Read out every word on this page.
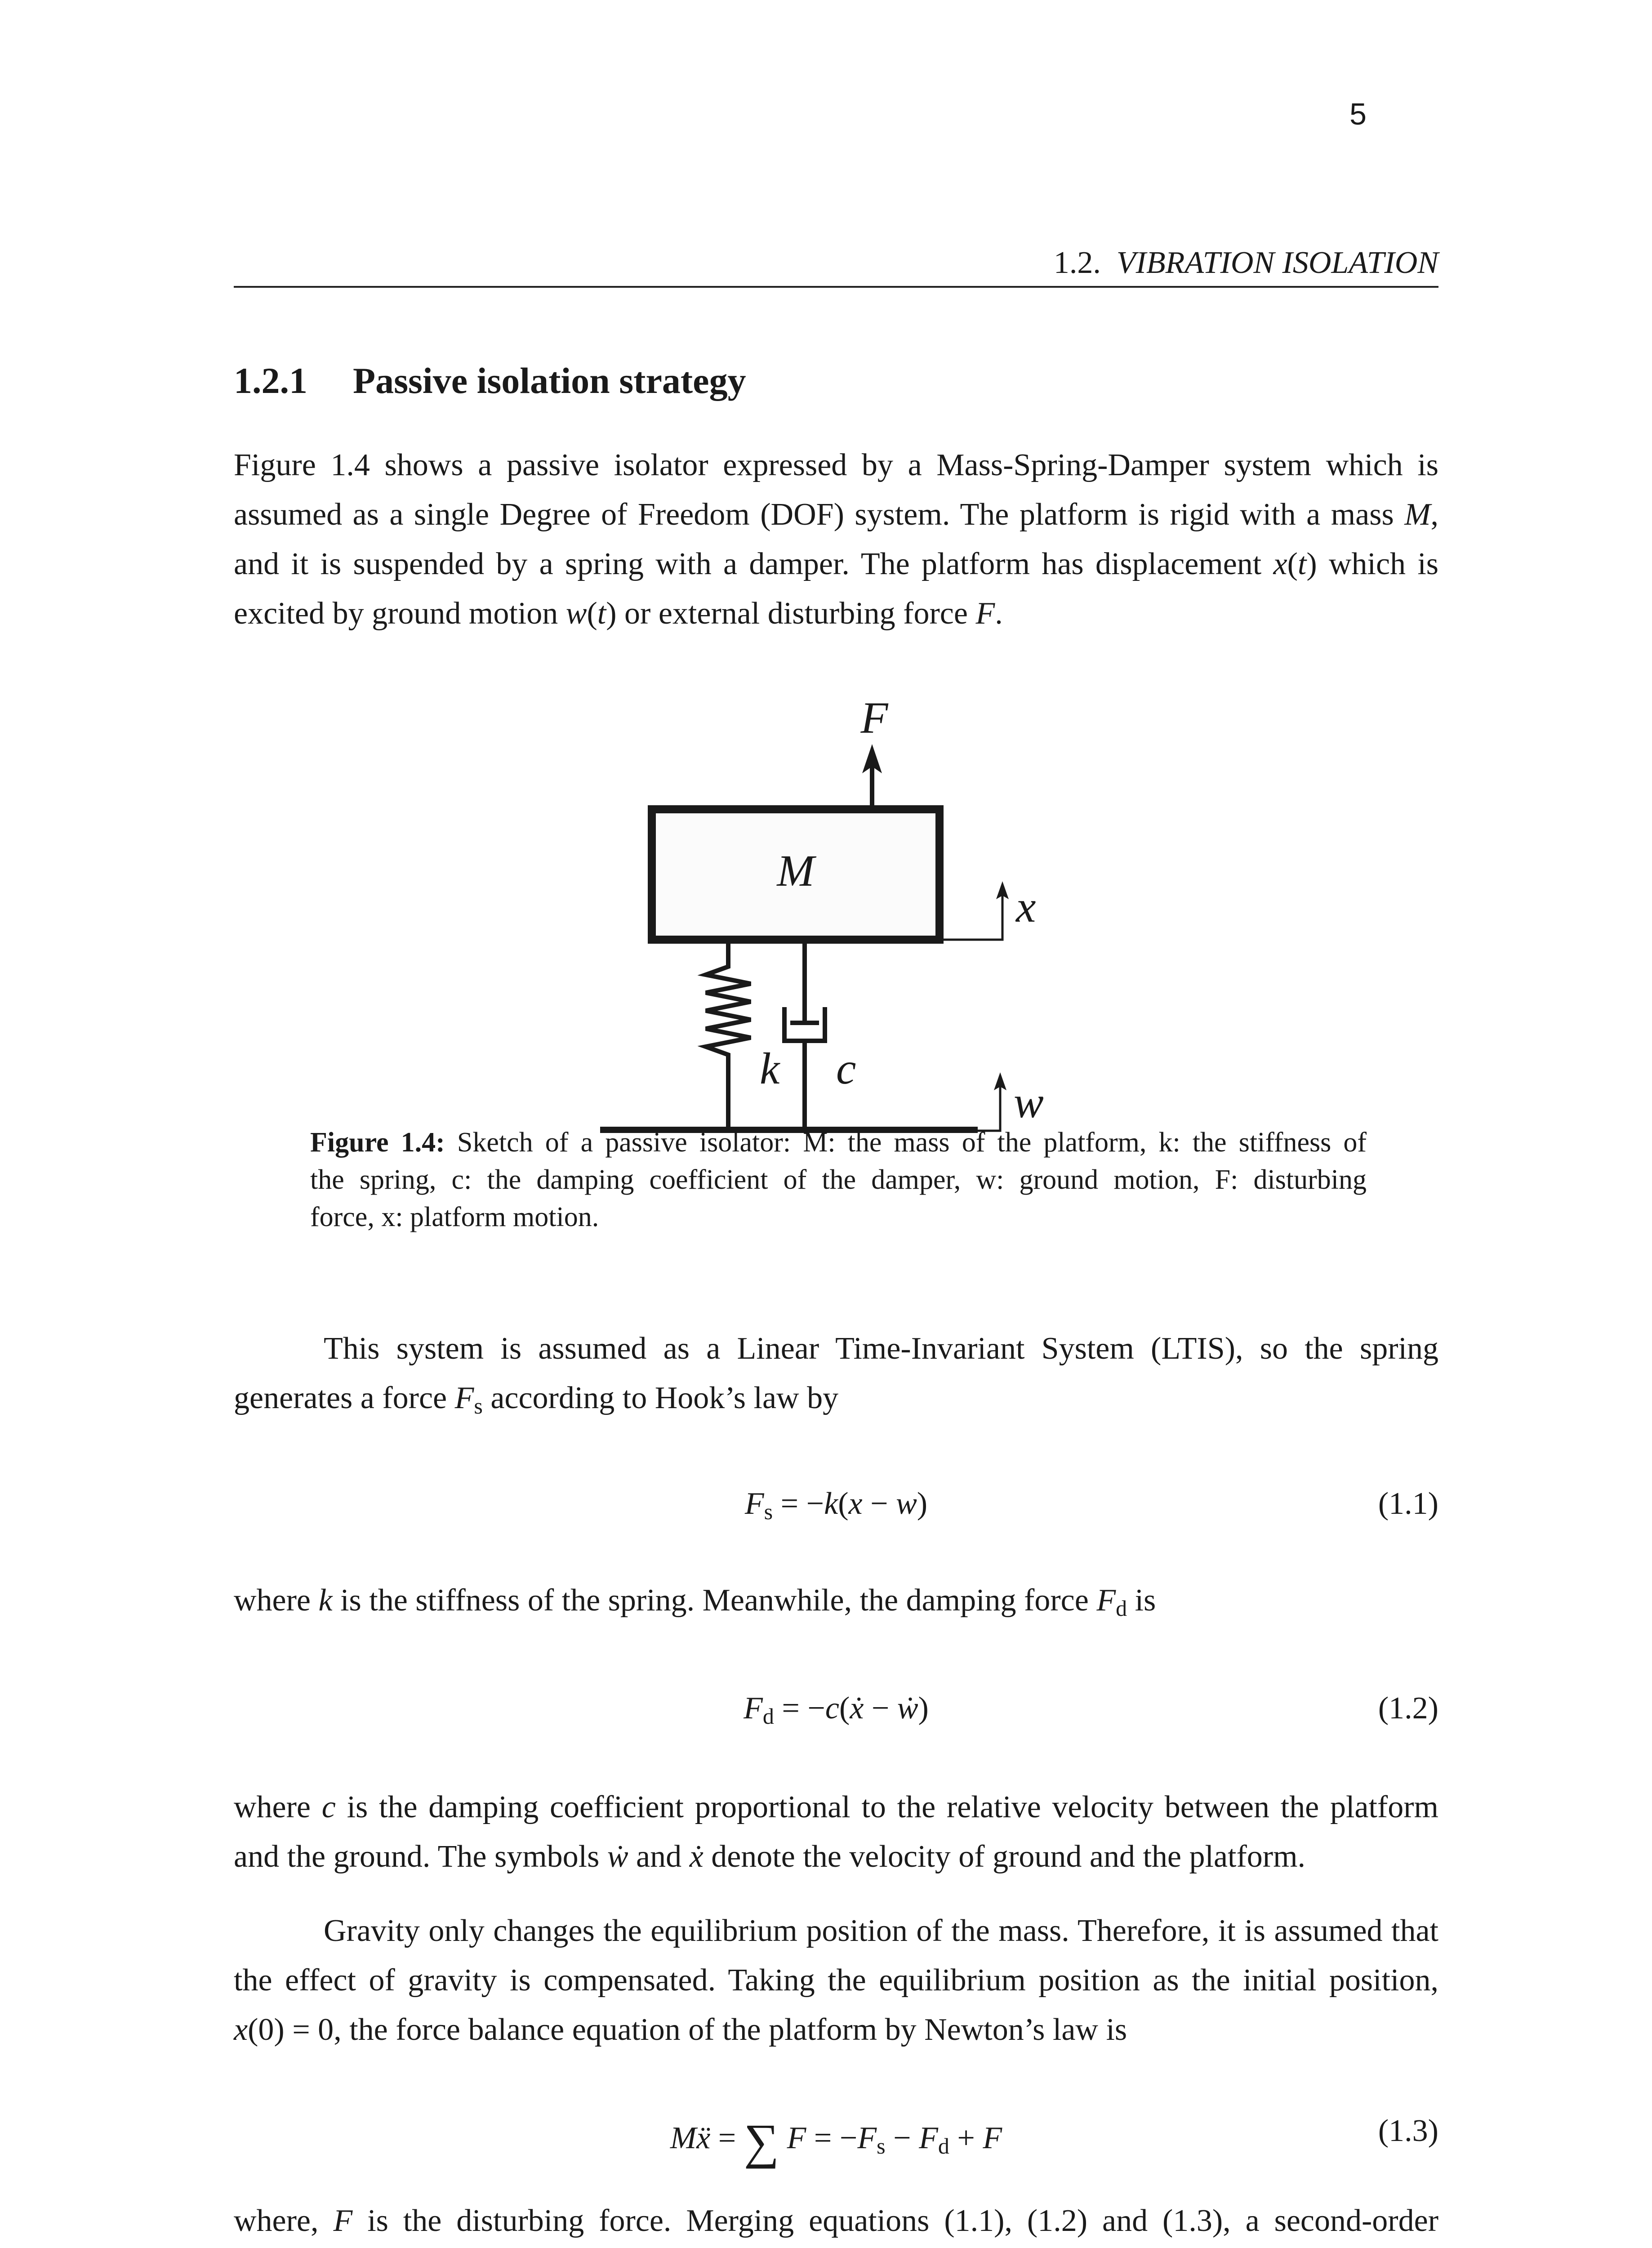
5
1.2. VIBRATION ISOLATION
1.2.1 Passive isolation strategy
Figure 1.4 shows a passive isolator expressed by a Mass-Spring-Damper system which is
assumed as a single Degree of Freedom (DOF) system. The platform is rigid with a mass M,
and it is suspended by a spring with a damper. The platform has displacement x(t) which is
excited by ground motion w(t) or external disturbing force F.
F
M
x
k c
w
Figure 1.4: Sketch of a passive isolator: M: the mass of the platform, k: the stiffness of
the spring, c: the damping coefficient of the damper, w: ground motion, F: disturbing
force, x: platform motion.
This system is assumed as a Linear Time-Invariant System (LTIS), so the spring
generates a force $F_s$ according to Hook’s law by
$F_s = -k(x - w)$	(1.1)
where k is the stiffness of the spring. Meanwhile, the damping force $F_d$ is
$F_d$ = −c(ẋ − ẇ)	(1.2)
where c is the damping coefficient proportional to the relative velocity between the platform
and the ground. The symbols ẇ and ẋ denote the velocity of ground and the platform.
Gravity only changes the equilibrium position of the mass. Therefore, it is assumed that
the effect of gravity is compensated. Taking the equilibrium position as the initial position,
x(0) = 0, the force balance equation of the platform by Newton’s law is
Mẍ = ∑ $F = -F_s - F_d + F$	(1.3)
where, F is the disturbing force. Merging equations (1.1), (1.2) and (1.3), a second-order
